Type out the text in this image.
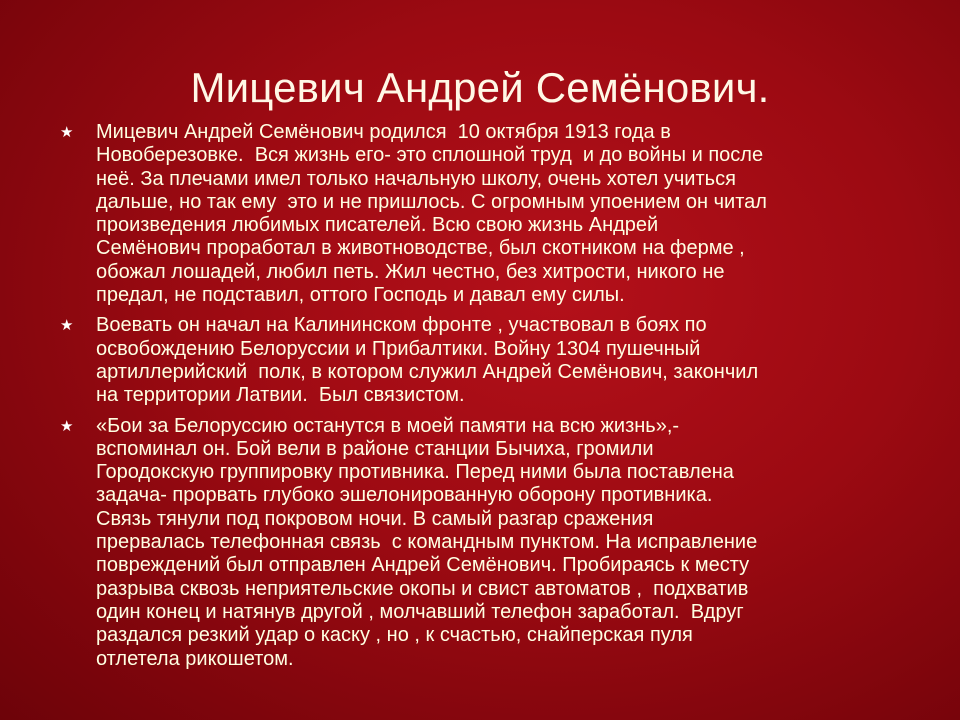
Мицевич Андрей Семёнович.
★ Мицевич Андрей Семёнович родился  10 октября 1913 года в
Новоберезовке.  Вся жизнь его- это сплошной труд  и до войны и после
неё. За плечами имел только начальную школу, очень хотел учиться
дальше, но так ему  это и не пришлось. С огромным упоением он читал
произведения любимых писателей. Всю свою жизнь Андрей
Семёнович проработал в животноводстве, был скотником на ферме ,
обожал лошадей, любил петь. Жил честно, без хитрости, никого не
предал, не подставил, оттого Господь и давал ему силы.
★ Воевать он начал на Калининском фронте , участвовал в боях по
освобождению Белоруссии и Прибалтики. Войну 1304 пушечный
артиллерийский  полк, в котором служил Андрей Семёнович, закончил
на территории Латвии.  Был связистом.
★ «Бои за Белоруссию останутся в моей памяти на всю жизнь»,-
вспоминал он. Бой вели в районе станции Бычиха, громили
Городокскую группировку противника. Перед ними была поставлена
задача- прорвать глубоко эшелонированную оборону противника.
Связь тянули под покровом ночи. В самый разгар сражения
прервалась телефонная связь  с командным пунктом. На исправление
повреждений был отправлен Андрей Семёнович. Пробираясь к месту
разрыва сквозь неприятельские окопы и свист автоматов ,  подхватив
один конец и натянув другой , молчавший телефон заработал.  Вдруг
раздался резкий удар о каску , но , к счастью, снайперская пуля
отлетела рикошетом.
